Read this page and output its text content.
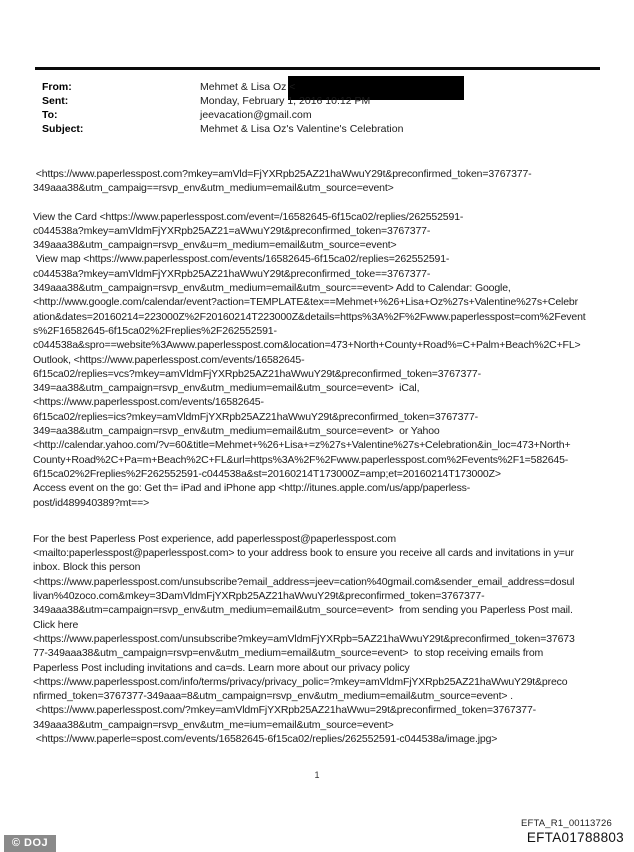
From:	Mehmet & Lisa Oz <
Sent:	Monday, February 1, 2016 10:12 PM
To:	jeevacation@gmail.com
Subject:	Mehmet & Lisa Oz's Valentine's Celebration
<https://www.paperlesspost.com?mkey=amVld=FjYXRpb25AZ21haWwuY29t&preconfirmed_token=3767377-
349aaa38&utm_campaig==rsvp_env&utm_medium=email&utm_source=event>
View the Card <https://www.paperlesspost.com/event=/16582645-6f15ca02/replies/262552591-
c044538a?mkey=amVldmFjYXRpb25AZ21=aWwuY29t&preconfirmed_token=3767377-
349aaa38&utm_campaign=rsvp_env&u=m_medium=email&utm_source=event>
View map <https://www.paperlesspost.com/events/16582645-6f15ca02/replies=262552591-
c044538a?mkey=amVldmFjYXRpb25AZ21haWwuY29t&preconfirmed_toke==3767377-
349aaa38&utm_campaign=rsvp_env&utm_medium=email&utm_sourc==event> Add to Calendar: Google,
<http://www.google.com/calendar/event?action=TEMPLATE&tex==Mehmet+%26+Lisa+Oz%27s+Valentine%27s+Celebr
ation&dates=20160214=223000Z%2F20160214T223000Z&details=https%3A%2F%2Fwww.paperlesspost=com%2Fevent
s%2F16582645-6f15ca02%2Freplies%2F262552591-
c044538a&spro==website%3Awww.paperlesspost.com&location=473+North+County+Road%=C+Palm+Beach%2C+FL>
Outlook, <https://www.paperlesspost.com/events/16582645-
6f15ca02/replies=vcs?mkey=amVldmFjYXRpb25AZ21haWwuY29t&preconfirmed_token=3767377-
349=aa38&utm_campaign=rsvp_env&utm_medium=email&utm_source=event>  iCal,
<https://www.paperlesspost.com/events/16582645-
6f15ca02/replies=ics?mkey=amVldmFjYXRpb25AZ21haWwuY29t&preconfirmed_token=3767377-
349=aa38&utm_campaign=rsvp_env&utm_medium=email&utm_source=event>  or Yahoo
<http://calendar.yahoo.com/?v=60&title=Mehmet+%26+Lisa+=z%27s+Valentine%27s+Celebration&in_loc=473+North+
County+Road%2C+Pa=m+Beach%2C+FL&url=https%3A%2F%2Fwww.paperlesspost.com%2Fevents%2F1=582645-
6f15ca02%2Freplies%2F262552591-c044538a&st=20160214T173000Z=amp;et=20160214T173000Z>
Access event on the go: Get th= iPad and iPhone app <http://itunes.apple.com/us/app/paperless-
post/id489940389?mt==>
For the best Paperless Post experience, add paperlesspost@paperlesspost.com
<mailto:paperlesspost@paperlesspost.com> to your address book to ensure you receive all cards and invitations in y=ur
inbox. Block this person
<https://www.paperlesspost.com/unsubscribe?email_address=jeev=cation%40gmail.com&sender_email_address=dosul
livan%40zoco.com&mkey=3DamVldmFjYXRpb25AZ21haWwuY29t&preconfirmed_token=3767377-
349aaa38&utm=campaign=rsvp_env&utm_medium=email&utm_source=event>  from sending you Paperless Post mail.
Click here
<https://www.paperlesspost.com/unsubscribe?mkey=amVldmFjYXRpb=5AZ21haWwuY29t&preconfirmed_token=37673
77-349aaa38&utm_campaign=rsvp=env&utm_medium=email&utm_source=event>  to stop receiving emails from
Paperless Post including invitations and ca=ds. Learn more about our privacy policy
<https://www.paperlesspost.com/info/terms/privacy/privacy_polic=?mkey=amVldmFjYXRpb25AZ21haWwuY29t&preco
nfirmed_token=3767377-349aaa=8&utm_campaign=rsvp_env&utm_medium=email&utm_source=event> .
<https://www.paperlesspost.com/?mkey=amVldmFjYXRpb25AZ21haWwu=29t&preconfirmed_token=3767377-
349aaa38&utm_campaign=rsvp_env&utm_me=ium=email&utm_source=event>
<https://www.paperle=spost.com/events/16582645-6f15ca02/replies/262552591-c044538a/image.jpg>
1
© DOJ
EFTA_R1_00113726
EFTA01788803
